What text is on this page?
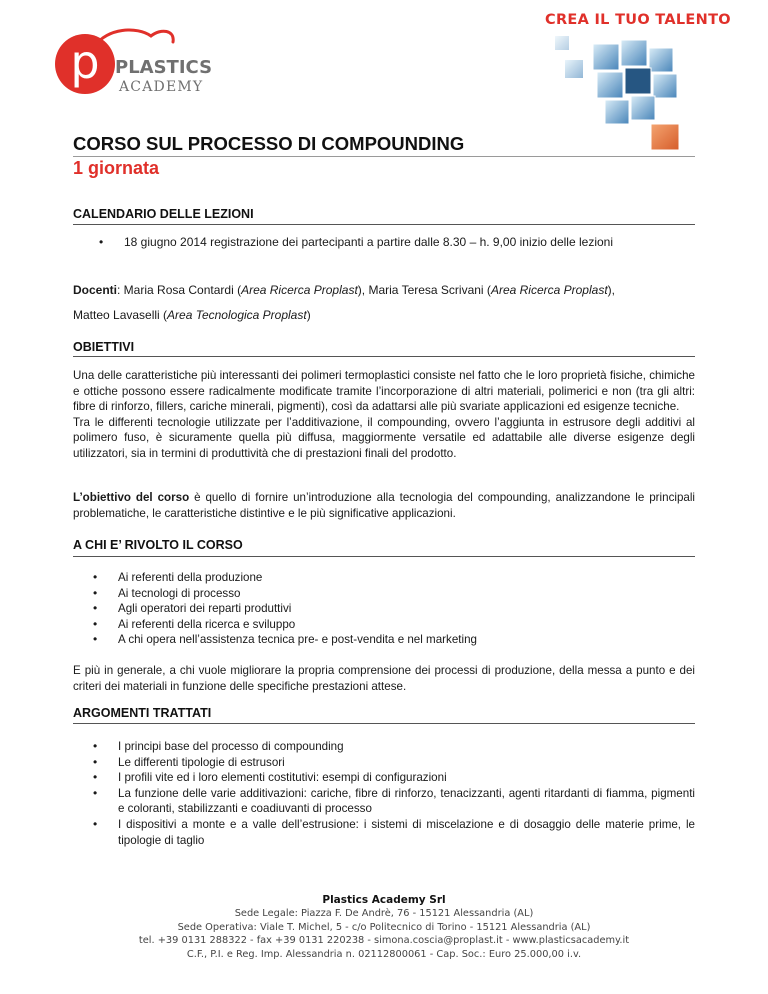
p PLASTICS
ACADEMY
CREA IL TUO TALENTO
CORSO SUL PROCESSO DI COMPOUNDING
1 giornata
CALENDARIO DELLE LEZIONI
• 18 giugno 2014 registrazione dei partecipanti a partire dalle 8.30 – h. 9,00 inizio delle lezioni
Docenti: Maria Rosa Contardi (Area Ricerca Proplast), Maria Teresa Scrivani (Area Ricerca Proplast),
Matteo Lavaselli (Area Tecnologica Proplast)
OBIETTIVI
Una delle caratteristiche più interessanti dei polimeri termoplastici consiste nel fatto che le loro proprietà fisiche, chimiche e ottiche possono essere radicalmente modificate tramite l’incorporazione di altri materiali, polimerici e non (tra gli altri: fibre di rinforzo, fillers, cariche minerali, pigmenti), così da adattarsi alle più svariate applicazioni ed esigenze tecniche.
Tra le differenti tecnologie utilizzate per l’additivazione, il compounding, ovvero l’aggiunta in estrusore degli additivi al polimero fuso, è sicuramente quella più diffusa, maggiormente versatile ed adattabile alle diverse esigenze degli utilizzatori, sia in termini di produttività che di prestazioni finali del prodotto.
L’obiettivo del corso è quello di fornire un’introduzione alla tecnologia del compounding, analizzandone le principali problematiche, le caratteristiche distintive e le più significative applicazioni.
A CHI E’ RIVOLTO IL CORSO
• Ai referenti della produzione
• Ai tecnologi di processo
• Agli operatori dei reparti produttivi
• Ai referenti della ricerca e sviluppo
• A chi opera nell’assistenza tecnica pre- e post-vendita e nel marketing
E più in generale, a chi vuole migliorare la propria comprensione dei processi di produzione, della messa a punto e dei criteri dei materiali in funzione delle specifiche prestazioni attese.
ARGOMENTI TRATTATI
• I principi base del processo di compounding
• Le differenti tipologie di estrusori
• I profili vite ed i loro elementi costitutivi: esempi di configurazioni
• La funzione delle varie additivazioni: cariche, fibre di rinforzo, tenacizzanti, agenti ritardanti di fiamma, pigmenti e coloranti, stabilizzanti e coadiuvanti di processo
• I dispositivi a monte e a valle dell’estrusione: i sistemi di miscelazione e di dosaggio delle materie prime, le tipologie di taglio
Plastics Academy Srl
Sede Legale: Piazza F. De Andrè, 76 - 15121 Alessandria (AL)
Sede Operativa: Viale T. Michel, 5 - c/o Politecnico di Torino - 15121 Alessandria (AL)
tel. +39 0131 288322 - fax +39 0131 220238 - simona.coscia@proplast.it - www.plasticsacademy.it
C.F., P.I. e Reg. Imp. Alessandria n. 02112800061 - Cap. Soc.: Euro 25.000,00 i.v.
